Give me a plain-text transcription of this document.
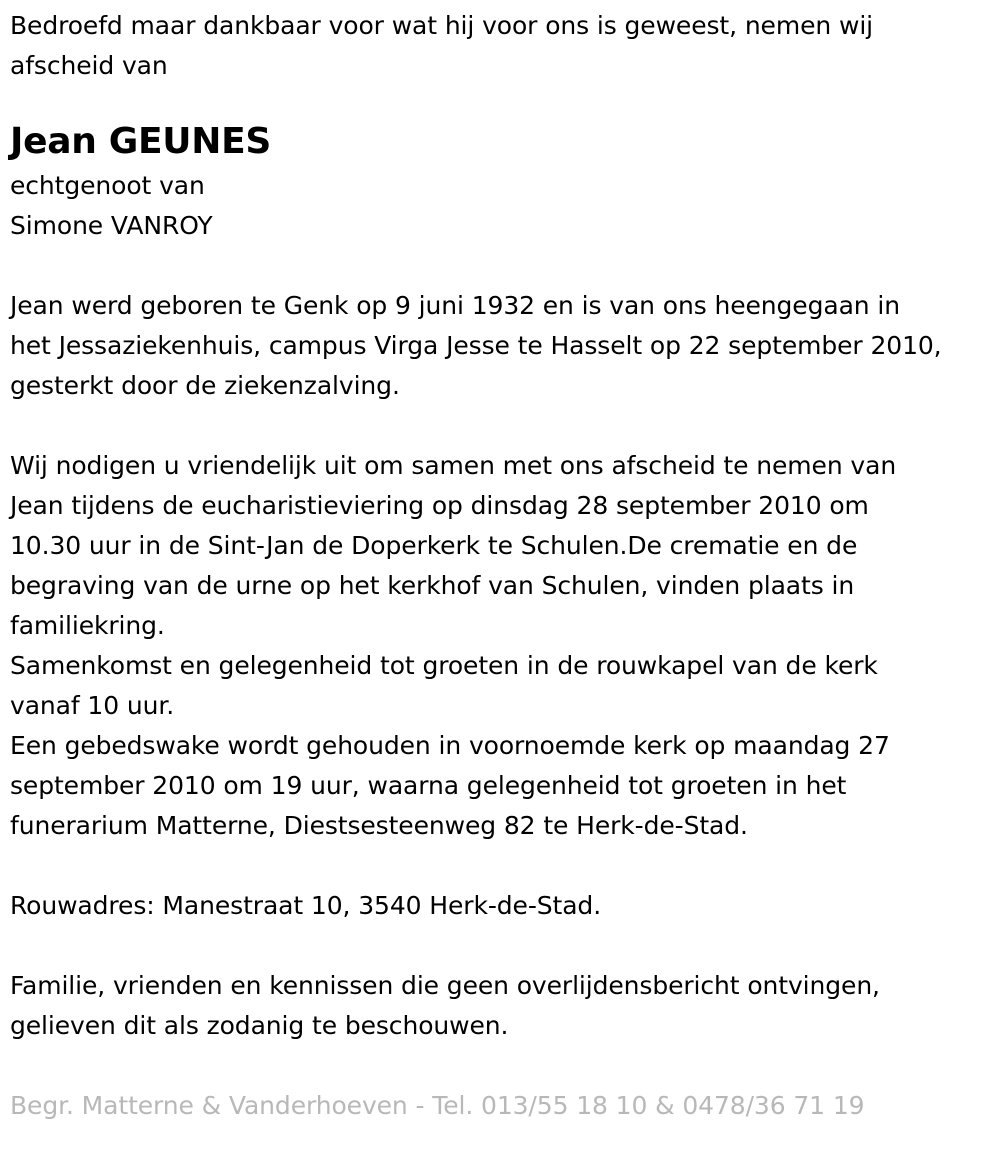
Bedroefd maar dankbaar voor wat hij voor ons is geweest, nemen wij
afscheid van
Jean GEUNES
echtgenoot van
Simone VANROY
Jean werd geboren te Genk op 9 juni 1932 en is van ons heengegaan in
het Jessaziekenhuis, campus Virga Jesse te Hasselt op 22 september 2010,
gesterkt door de ziekenzalving.
Wij nodigen u vriendelijk uit om samen met ons afscheid te nemen van
Jean tijdens de eucharistieviering op dinsdag 28 september 2010 om
10.30 uur in de Sint-Jan de Doperkerk te Schulen.De crematie en de
begraving van de urne op het kerkhof van Schulen, vinden plaats in
familiekring.
Samenkomst en gelegenheid tot groeten in de rouwkapel van de kerk
vanaf 10 uur.
Een gebedswake wordt gehouden in voornoemde kerk op maandag 27
september 2010 om 19 uur, waarna gelegenheid tot groeten in het
funerarium Matterne, Diestsesteenweg 82 te Herk-de-Stad.
Rouwadres: Manestraat 10, 3540 Herk-de-Stad.
Familie, vrienden en kennissen die geen overlijdensbericht ontvingen,
gelieven dit als zodanig te beschouwen.
Begr. Matterne & Vanderhoeven - Tel. 013/55 18 10 & 0478/36 71 19
